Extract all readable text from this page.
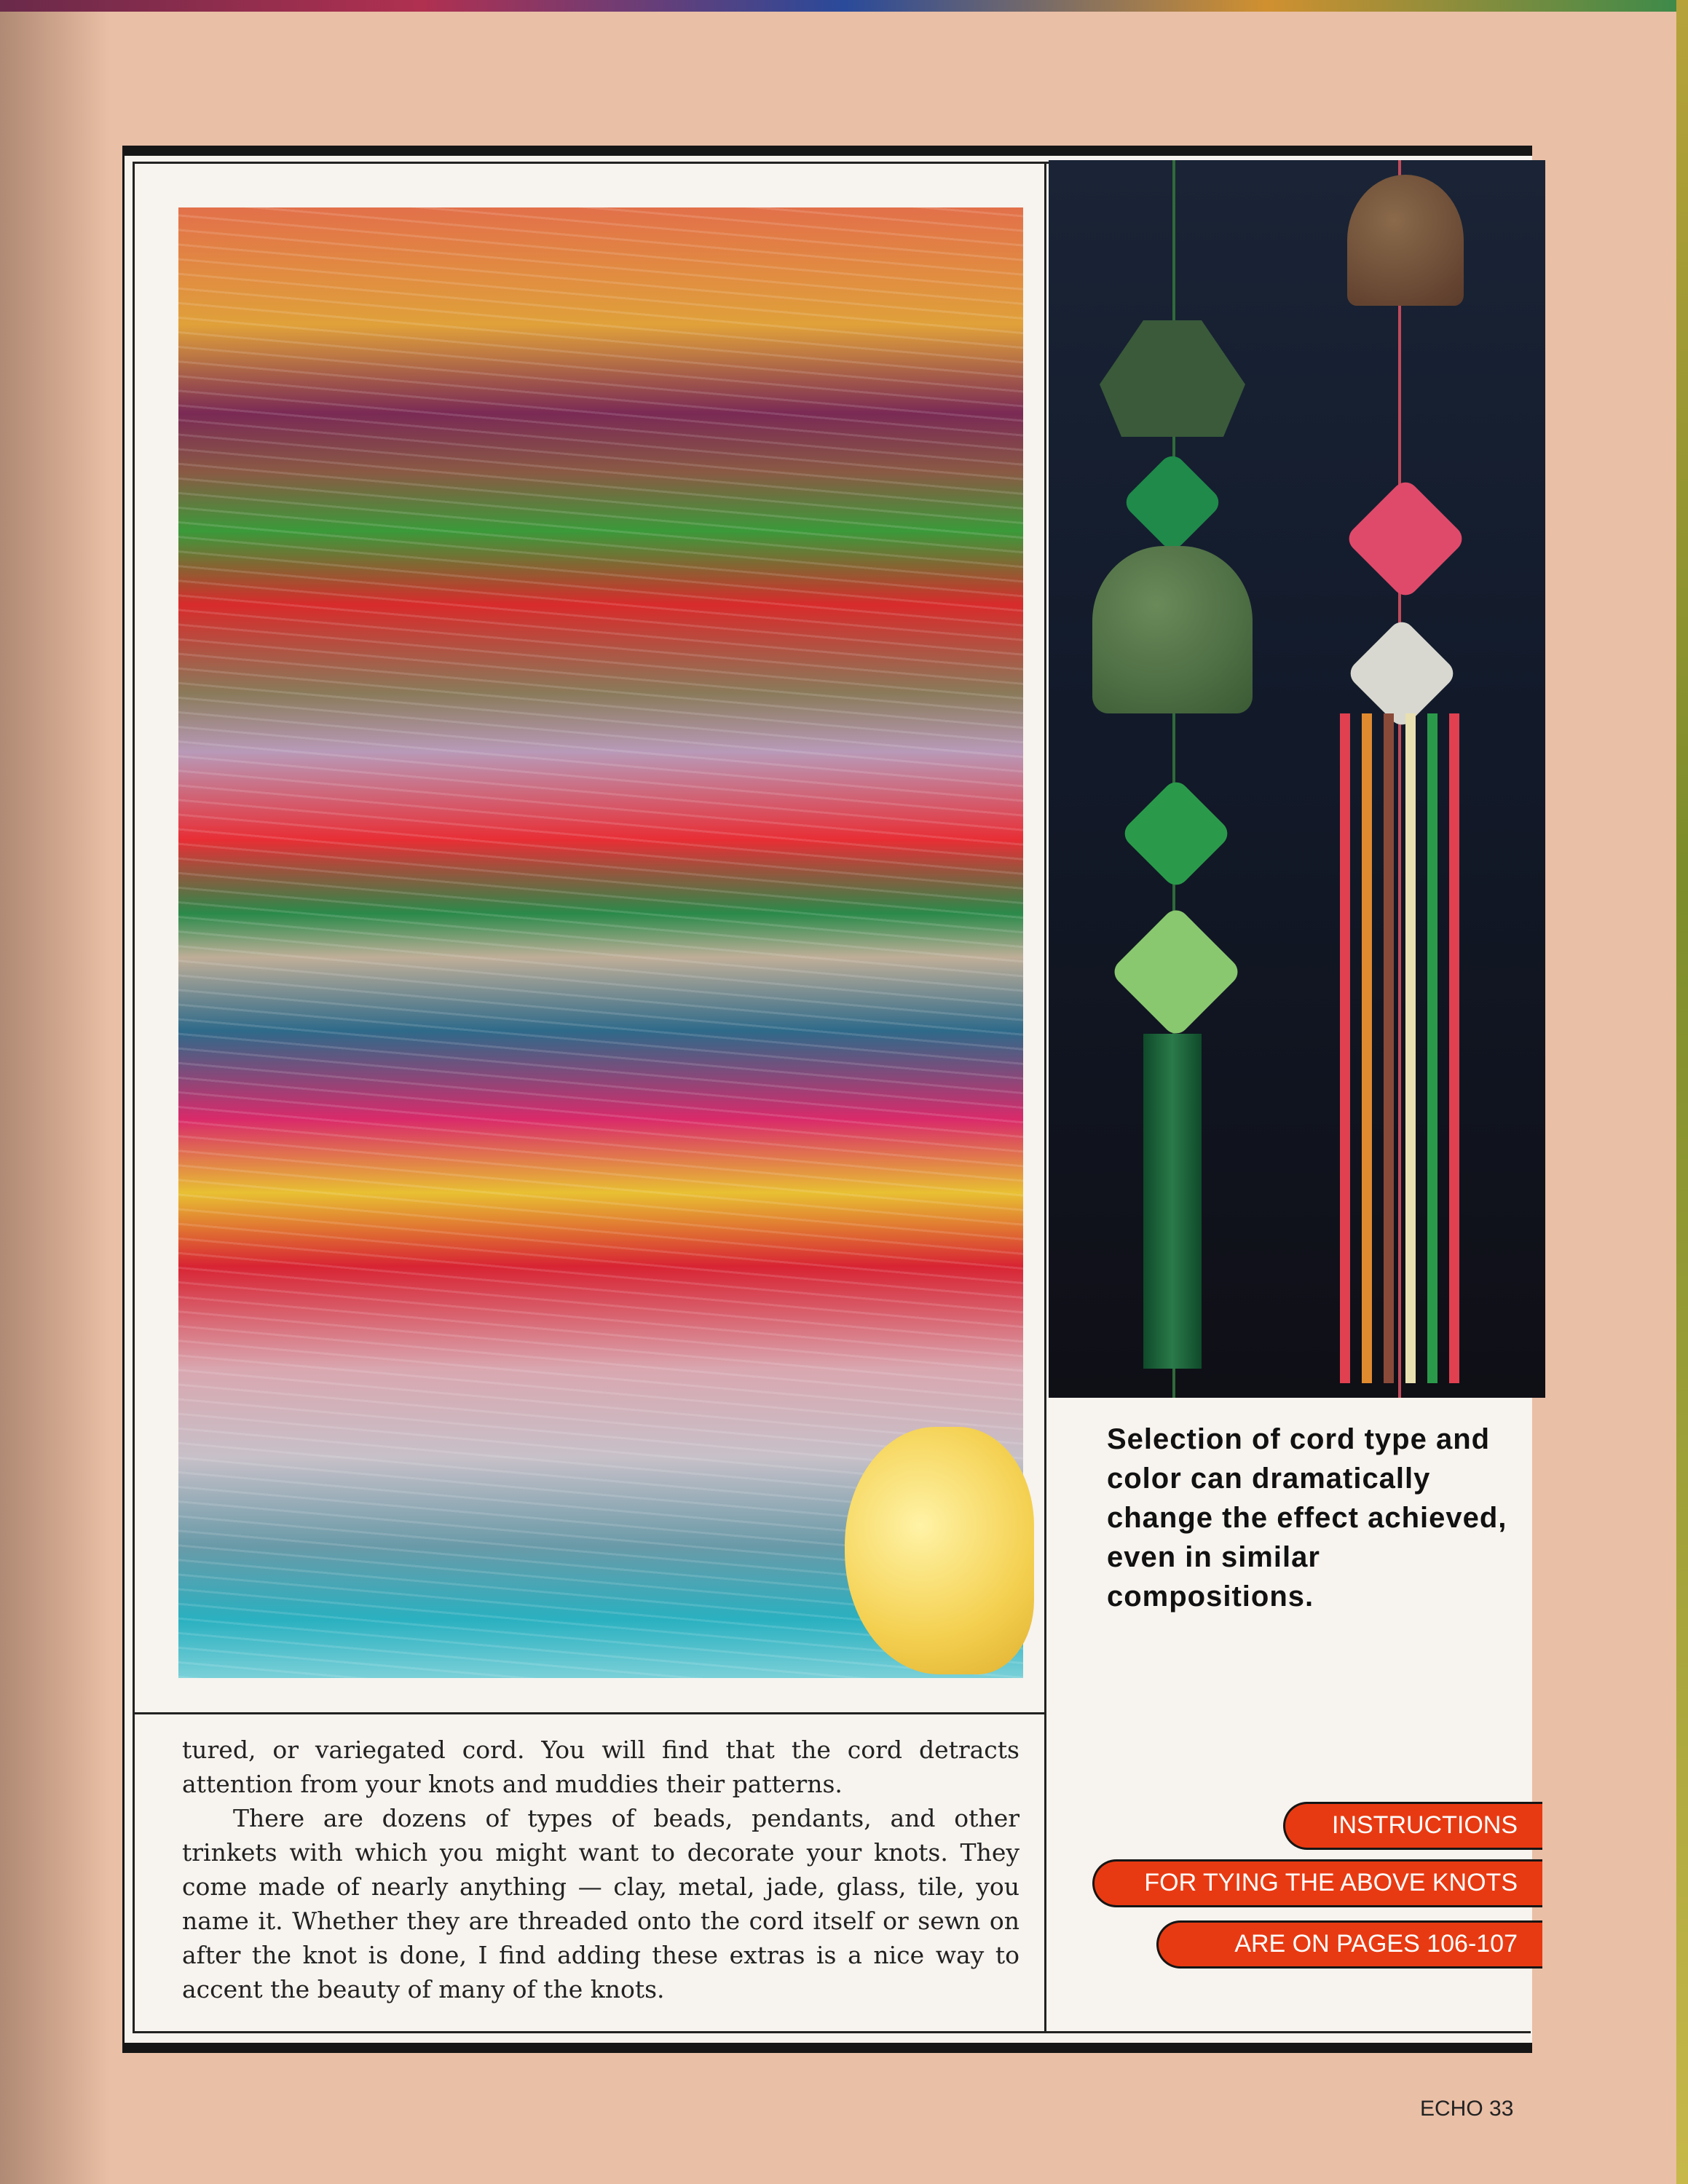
tured, or variegated cord. You will find that the cord detracts attention from your knots and muddies their patterns.

There are dozens of types of beads, pendants, and other trinkets with which you might want to decorate your knots. They come made of nearly anything — clay, metal, jade, glass, tile, you name it. Whether they are threaded onto the cord itself or sewn on after the knot is done, I find adding these extras is a nice way to accent the beauty of many of the knots.

Selection of cord type and color can dramatically change the effect achieved, even in similar compositions.
INSTRUCTIONS
FOR TYING THE ABOVE KNOTS
ARE ON PAGES 106-107
ECHO 33
